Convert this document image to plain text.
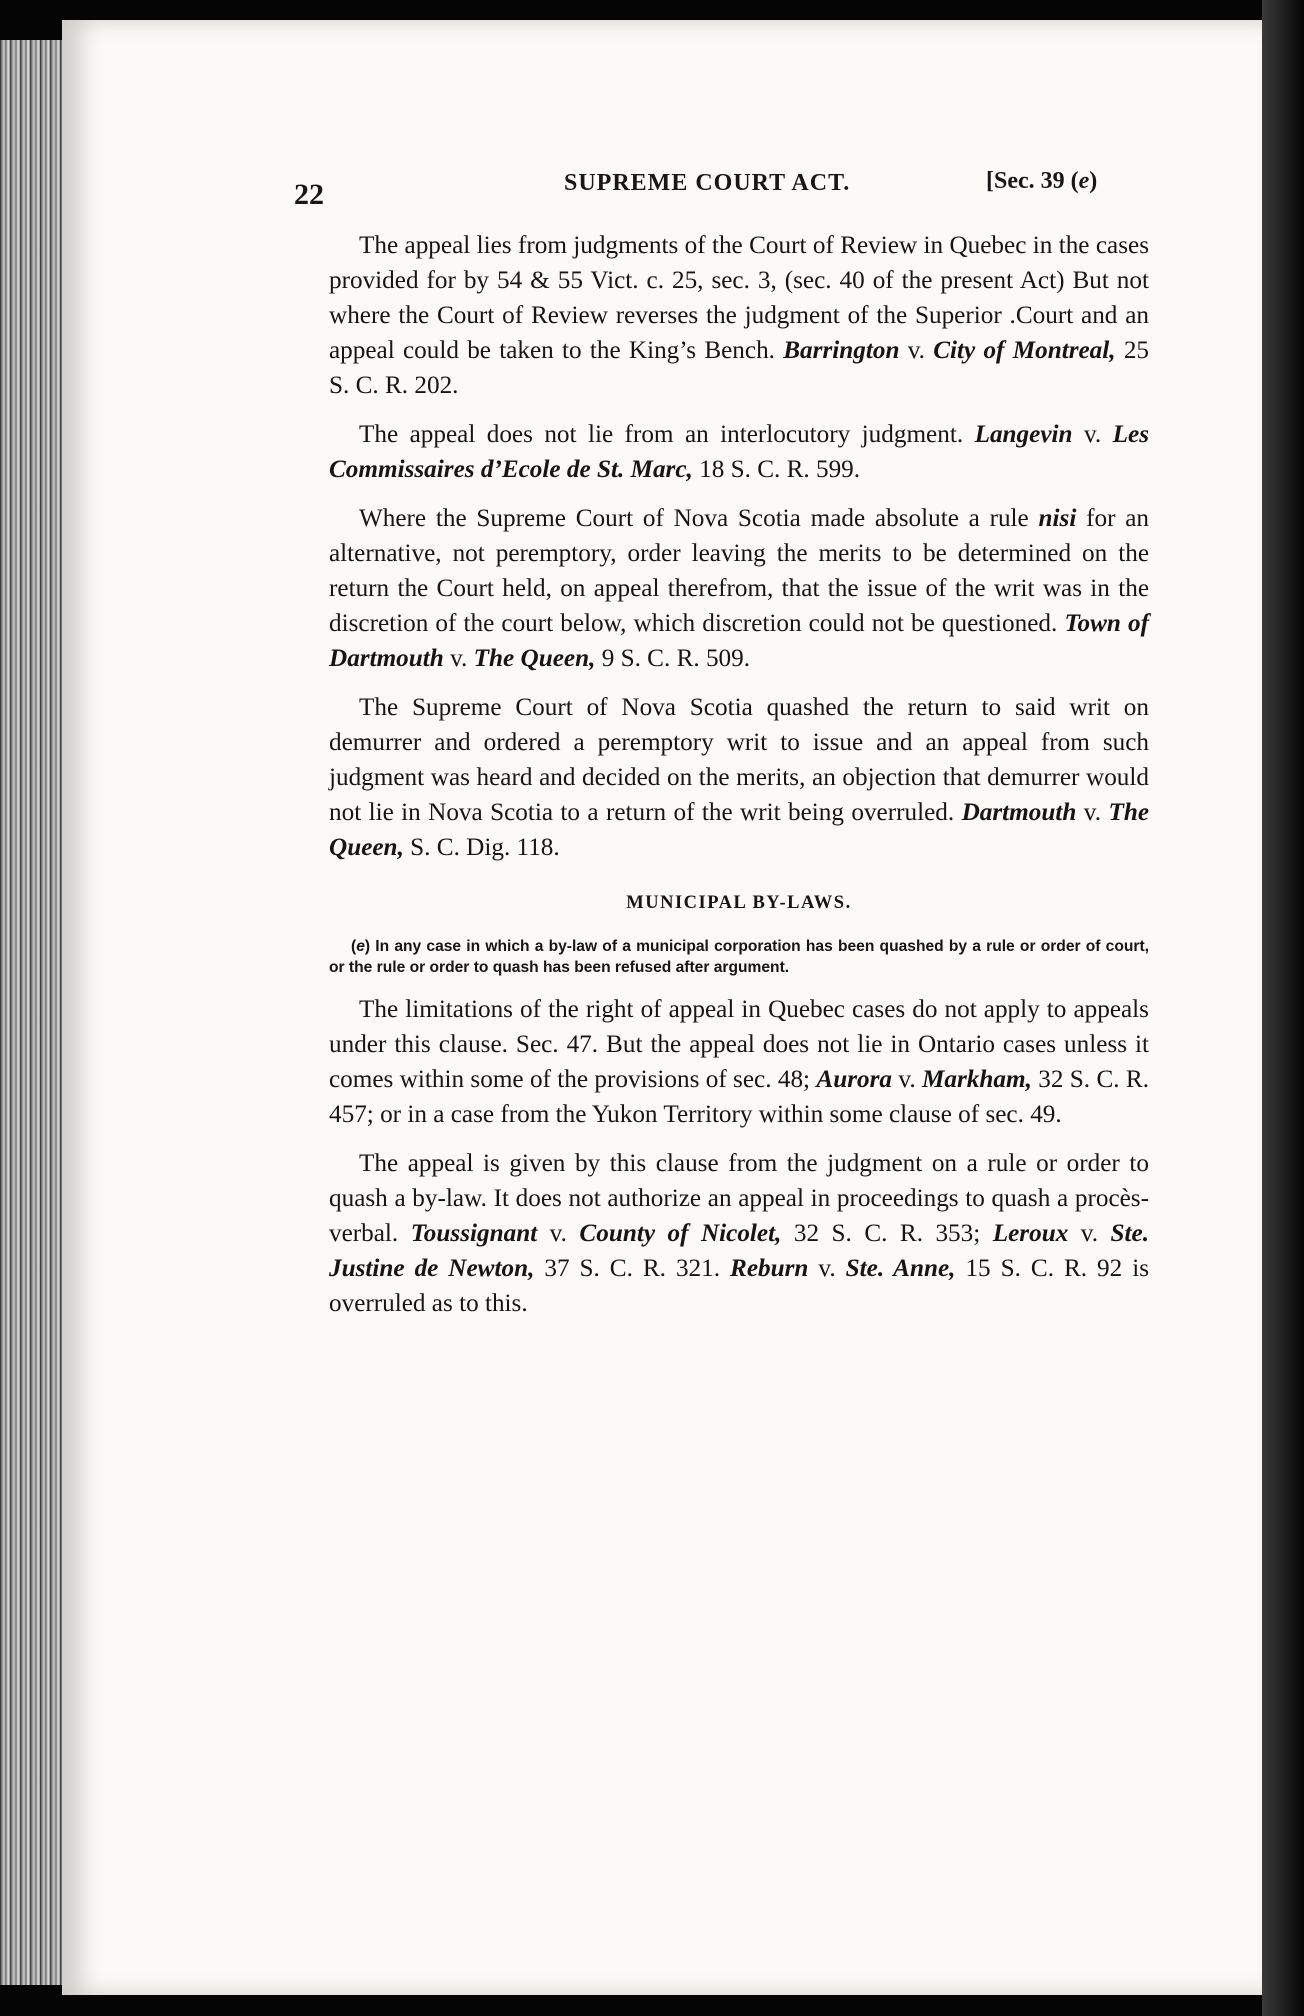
22	SUPREME COURT ACT.	[Sec. 39 (e)

The appeal lies from judgments of the Court of Review in Quebec in the cases provided for by 54 & 55 Vict. c. 25, sec. 3, (sec. 40 of the present Act) But not where the Court of Review reverses the judgment of the Superior .Court and an appeal could be taken to the King’s Bench. Barrington v. City of Montreal, 25 S. C. R. 202.

The appeal does not lie from an interlocutory judgment. Langevin v. Les Commissaires d’Ecole de St. Marc, 18 S. C. R. 599.

Where the Supreme Court of Nova Scotia made absolute a rule nisi for an alternative, not peremptory, order leaving the merits to be determined on the return the Court held, on appeal therefrom, that the issue of the writ was in the discretion of the court below, which discretion could not be questioned. Town of Dartmouth v. The Queen, 9 S. C. R. 509.

The Supreme Court of Nova Scotia quashed the return to said writ on demurrer and ordered a peremptory writ to issue and an appeal from such judgment was heard and decided on the merits, an objection that demurrer would not lie in Nova Scotia to a return of the writ being overruled. Dartmouth v. The Queen, S. C. Dig. 118.

MUNICIPAL BY-LAWS.

(e) In any case in which a by-law of a municipal corporation has been quashed by a rule or order of court, or the rule or order to quash has been refused after argument.

The limitations of the right of appeal in Quebec cases do not apply to appeals under this clause. Sec. 47. But the appeal does not lie in Ontario cases unless it comes within some of the provisions of sec. 48; Aurora v. Markham, 32 S. C. R. 457; or in a case from the Yukon Territory within some clause of sec. 49.

The appeal is given by this clause from the judgment on a rule or order to quash a by-law. It does not authorize an appeal in proceedings to quash a procès-verbal. Toussignant v. County of Nicolet, 32 S. C. R. 353; Leroux v. Ste. Justine de Newton, 37 S. C. R. 321. Reburn v. Ste. Anne, 15 S. C. R. 92 is overruled as to this.
